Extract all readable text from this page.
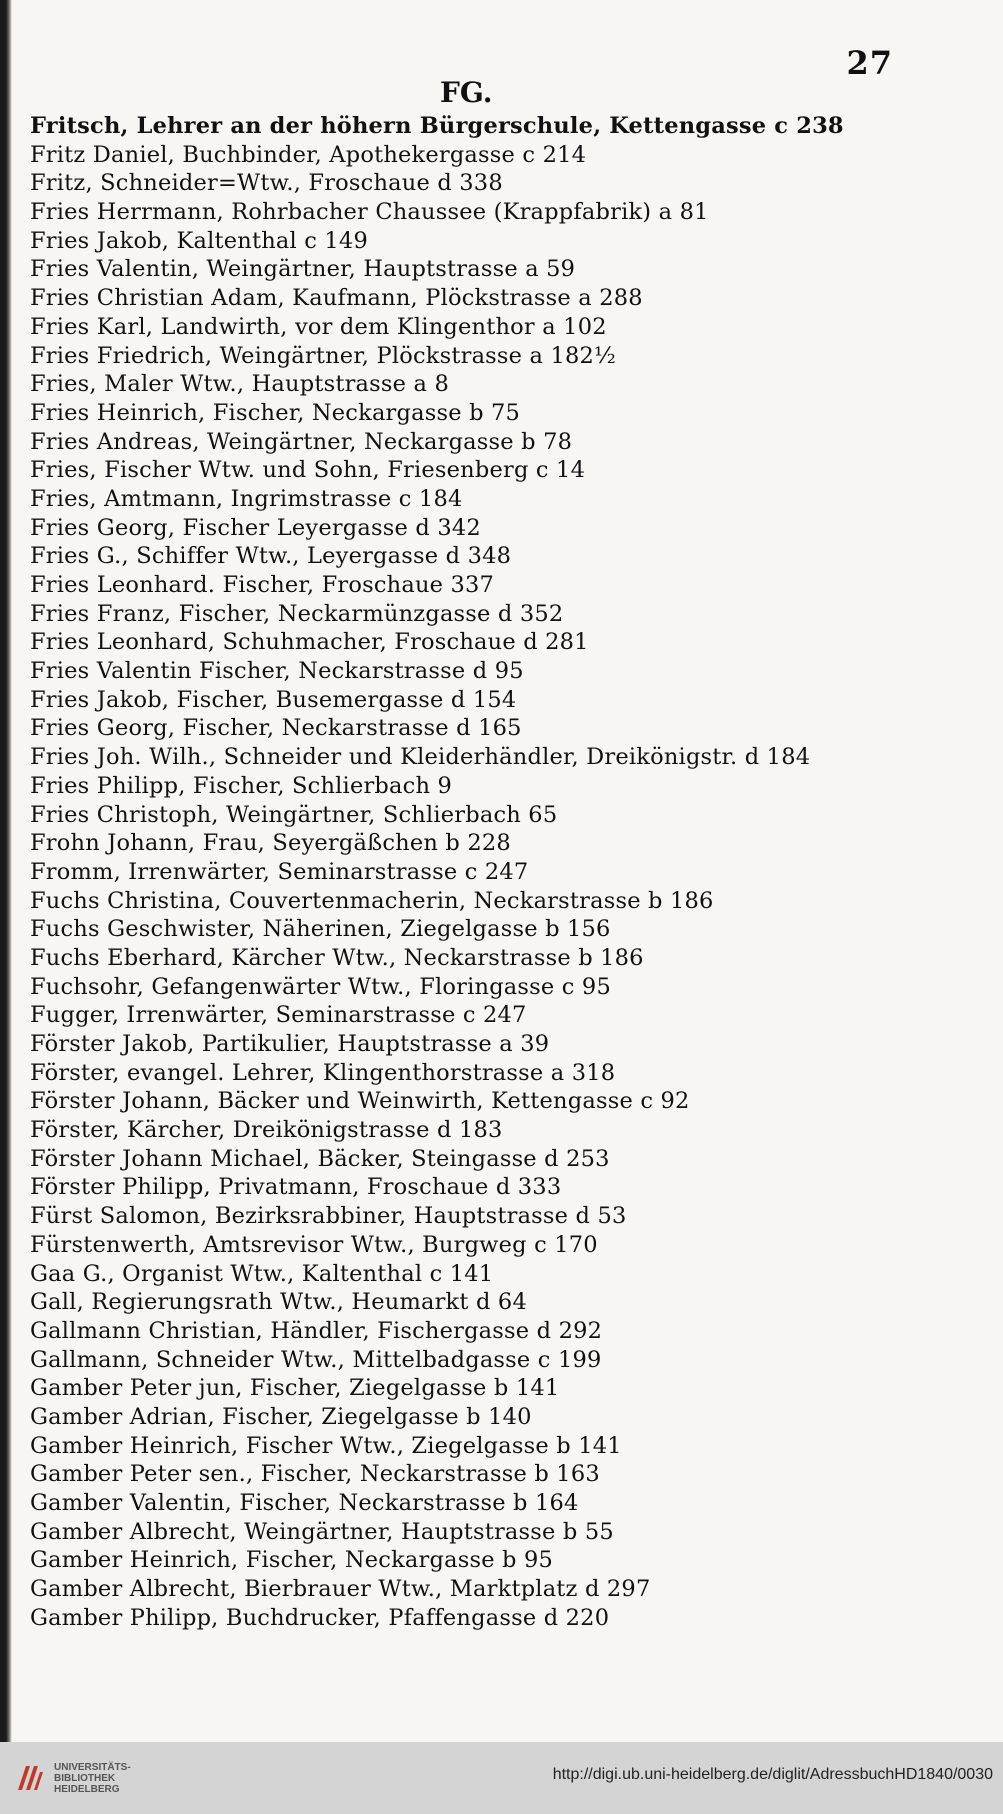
27
FG.
Fritsch, Lehrer an der höhern Bürgerschule, Kettengasse c 238
Fritz Daniel, Buchbinder, Apothekergasse c 214
Fritz, Schneider=Wtw., Froschaue d 338
Fries Herrmann, Rohrbacher Chaussee (Krappfabrik) a 81
Fries Jakob, Kaltenthal c 149
Fries Valentin, Weingärtner, Hauptstrasse a 59
Fries Christian Adam, Kaufmann, Plöckstrasse a 288
Fries Karl, Landwirth, vor dem Klingenthor a 102
Fries Friedrich, Weingärtner, Plöckstrasse a 182½
Fries, Maler Wtw., Hauptstrasse a 8
Fries Heinrich, Fischer, Neckargasse b 75
Fries Andreas, Weingärtner, Neckargasse b 78
Fries, Fischer Wtw. und Sohn, Friesenberg c 14
Fries, Amtmann, Ingrimstrasse c 184
Fries Georg, Fischer Leyergasse d 342
Fries G., Schiffer Wtw., Leyergasse d 348
Fries Leonhard. Fischer, Froschaue 337
Fries Franz, Fischer, Neckarmünzgasse d 352
Fries Leonhard, Schuhmacher, Froschaue d 281
Fries Valentin Fischer, Neckarstrasse d 95
Fries Jakob, Fischer, Busemergasse d 154
Fries Georg, Fischer, Neckarstrasse d 165
Fries Joh. Wilh., Schneider und Kleiderhändler, Dreikönigstr. d 184
Fries Philipp, Fischer, Schlierbach 9
Fries Christoph, Weingärtner, Schlierbach 65
Frohn Johann, Frau, Seyergäßchen b 228
Fromm, Irrenwärter, Seminarstrasse c 247
Fuchs Christina, Couvertenmacherin, Neckarstrasse b 186
Fuchs Geschwister, Näherinen, Ziegelgasse b 156
Fuchs Eberhard, Kärcher Wtw., Neckarstrasse b 186
Fuchsohr, Gefangenwärter Wtw., Floringasse c 95
Fugger, Irrenwärter, Seminarstrasse c 247
Förster Jakob, Partikulier, Hauptstrasse a 39
Förster, evangel. Lehrer, Klingenthorstrasse a 318
Förster Johann, Bäcker und Weinwirth, Kettengasse c 92
Förster, Kärcher, Dreikönigstrasse d 183
Förster Johann Michael, Bäcker, Steingasse d 253
Förster Philipp, Privatmann, Froschaue d 333
Fürst Salomon, Bezirksrabbiner, Hauptstrasse d 53
Fürstenwerth, Amtsrevisor Wtw., Burgweg c 170
Gaa G., Organist Wtw., Kaltenthal c 141
Gall, Regierungsrath Wtw., Heumarkt d 64
Gallmann Christian, Händler, Fischergasse d 292
Gallmann, Schneider Wtw., Mittelbadgasse c 199
Gamber Peter jun, Fischer, Ziegelgasse b 141
Gamber Adrian, Fischer, Ziegelgasse b 140
Gamber Heinrich, Fischer Wtw., Ziegelgasse b 141
Gamber Peter sen., Fischer, Neckarstrasse b 163
Gamber Valentin, Fischer, Neckarstrasse b 164
Gamber Albrecht, Weingärtner, Hauptstrasse b 55
Gamber Heinrich, Fischer, Neckargasse b 95
Gamber Albrecht, Bierbrauer Wtw., Marktplatz d 297
Gamber Philipp, Buchdrucker, Pfaffengasse d 220
UNIVERSITÄTS-
BIBLIOTHEK
HEIDELBERG
http://digi.ub.uni-heidelberg.de/diglit/AdressbuchHD1840/0030
